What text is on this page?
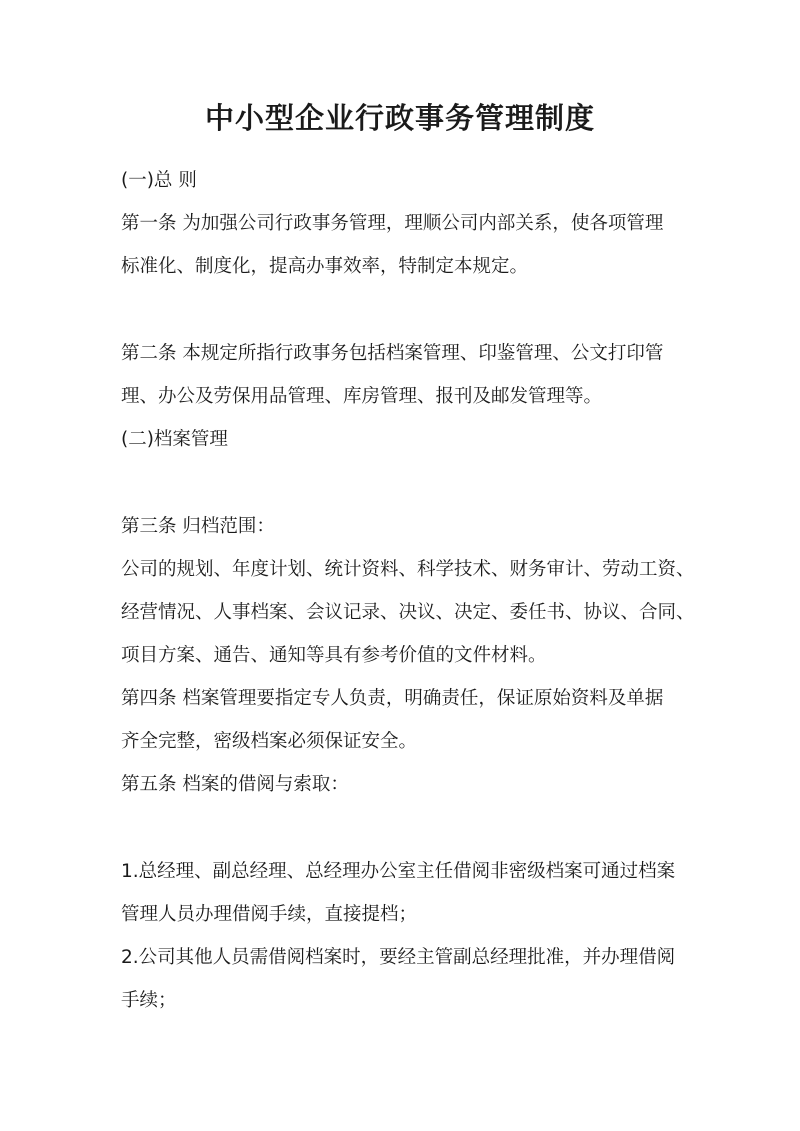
中小型企业行政事务管理制度

(一)总 则

第一条 为加强公司行政事务管理，理顺公司内部关系，使各项管理

标准化、制度化，提高办事效率，特制定本规定。

第二条 本规定所指行政事务包括档案管理、印鉴管理、公文打印管

理、办公及劳保用品管理、库房管理、报刊及邮发管理等。

(二)档案管理

第三条 归档范围：

公司的规划、年度计划、统计资料、科学技术、财务审计、劳动工资、

经营情况、人事档案、会议记录、决议、决定、委任书、协议、合同、

项目方案、通告、通知等具有参考价值的文件材料。

第四条 档案管理要指定专人负责，明确责任，保证原始资料及单据

齐全完整，密级档案必须保证安全。

第五条 档案的借阅与索取：

1.总经理、副总经理、总经理办公室主任借阅非密级档案可通过档案

管理人员办理借阅手续，直接提档；

2.公司其他人员需借阅档案时，要经主管副总经理批准，并办理借阅

手续；
